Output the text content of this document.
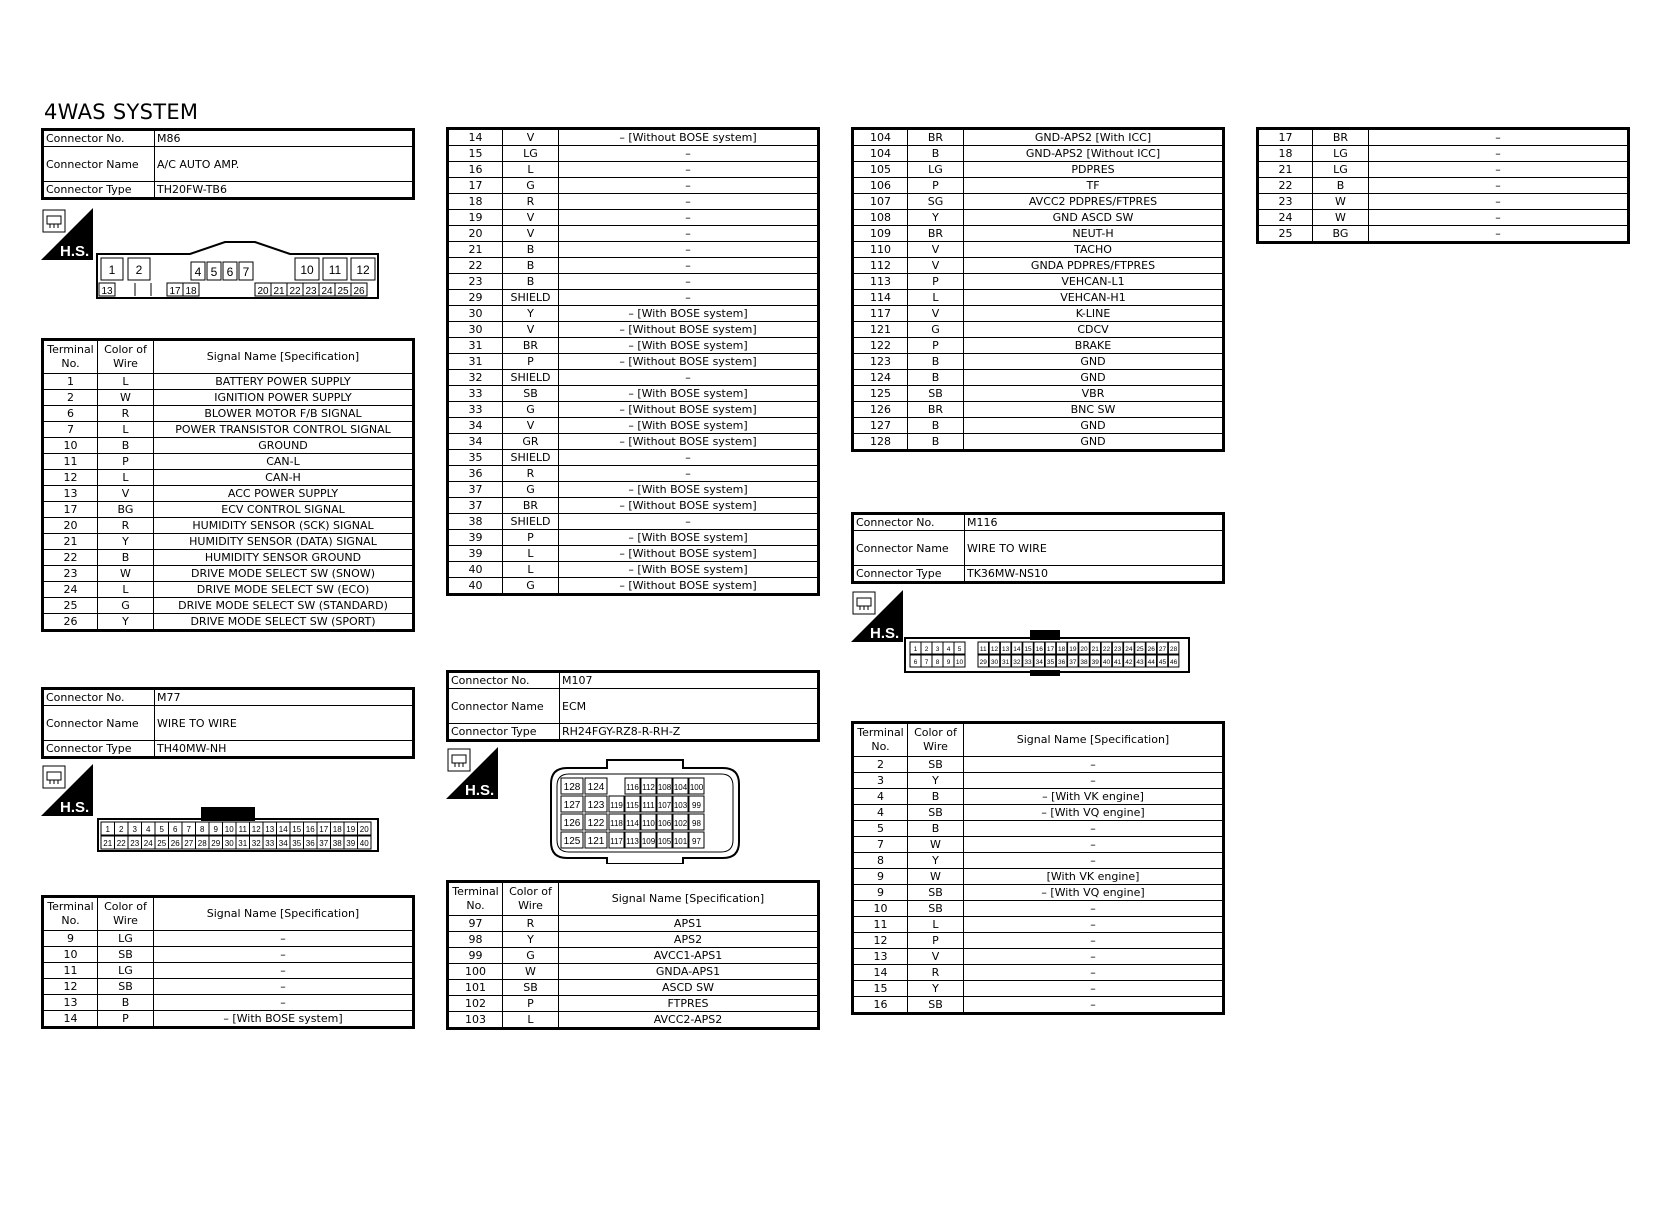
4WAS SYSTEM
Connector No.	M86
Connector Name	A/C AUTO AMP.
Connector Type	TH20FW-TB6
H.S.
1 2	4 5 6 7	10 11 12
13	17 18	20 21 22 23 24 25 26
Terminal No.	Color of Wire	Signal Name [Specification]
1	L	BATTERY POWER SUPPLY
2	W	IGNITION POWER SUPPLY
6	R	BLOWER MOTOR F/B SIGNAL
7	L	POWER TRANSISTOR CONTROL SIGNAL
10	B	GROUND
11	P	CAN-L
12	L	CAN-H
13	V	ACC POWER SUPPLY
17	BG	ECV CONTROL SIGNAL
20	R	HUMIDITY SENSOR (SCK) SIGNAL
21	Y	HUMIDITY SENSOR (DATA) SIGNAL
22	B	HUMIDITY SENSOR GROUND
23	W	DRIVE MODE SELECT SW (SNOW)
24	L	DRIVE MODE SELECT SW (ECO)
25	G	DRIVE MODE SELECT SW (STANDARD)
26	Y	DRIVE MODE SELECT SW (SPORT)
Connector No.	M77
Connector Name	WIRE TO WIRE
Connector Type	TH40MW-NH
H.S.
1 2 3 4 5 6 7 8 9 10 11 12 13 14 15 16 17 18 19 20
21 22 23 24 25 26 27 28 29 30 31 32 33 34 35 36 37 38 39 40
Terminal No.	Color of Wire	Signal Name [Specification]
9	LG	–
10	SB	–
11	LG	–
12	SB	–
13	B	–
14	P	– [With BOSE system]
14	V	– [Without BOSE system]
15	LG	–
16	L	–
17	G	–
18	R	–
19	V	–
20	V	–
21	B	–
22	B	–
23	B	–
29	SHIELD	–
30	Y	– [With BOSE system]
30	V	– [Without BOSE system]
31	BR	– [With BOSE system]
31	P	– [Without BOSE system]
32	SHIELD	–
33	SB	– [With BOSE system]
33	G	– [Without BOSE system]
34	V	– [With BOSE system]
34	GR	– [Without BOSE system]
35	SHIELD	–
36	R	–
37	G	– [With BOSE system]
37	BR	– [Without BOSE system]
38	SHIELD	–
39	P	– [With BOSE system]
39	L	– [Without BOSE system]
40	L	– [With BOSE system]
40	G	– [Without BOSE system]
Connector No.	M107
Connector Name	ECM
Connector Type	RH24FGY-RZ8-R-RH-Z
H.S.	128 124	116 112 108 104 100
127 123 119 115 111 107 103 99
126 122 118 114 110 106 102 98
125 121 117 113 109 105 101 97
Terminal No.	Color of Wire	Signal Name [Specification]
97	R	APS1
98	Y	APS2
99	G	AVCC1-APS1
100	W	GNDA-APS1
101	SB	ASCD SW
102	P	FTPRES
103	L	AVCC2-APS2
104	BR	GND-APS2 [With ICC]
104	B	GND-APS2 [Without ICC]
105	LG	PDPRES
106	P	TF
107	SG	AVCC2 PDPRES/FTPRES
108	Y	GND ASCD SW
109	BR	NEUT-H
110	V	TACHO
112	V	GNDA PDPRES/FTPRES
113	P	VEHCAN-L1
114	L	VEHCAN-H1
117	V	K-LINE
121	G	CDCV
122	P	BRAKE
123	B	GND
124	B	GND
125	SB	VBR
126	BR	BNC SW
127	B	GND
128	B	GND
Connector No.	M116
Connector Name	WIRE TO WIRE
Connector Type	TK36MW-NS10
H.S.
1 2 3 4 5	11 12 13 14 15 16 17 18 19 20 21 22 23 24 25 26 27 28
6 7 8 9 10	29 30 31 32 33 34 35 36 37 38 39 40 41 42 43 44 45 46
Terminal No.	Color of Wire	Signal Name [Specification]
2	SB	–
3	Y	–
4	B	– [With VK engine]
4	SB	– [With VQ engine]
5	B	–
7	W	–
8	Y	–
9	W	[With VK engine]
9	SB	– [With VQ engine]
10	SB	–
11	L	–
12	P	–
13	V	–
14	R	–
15	Y	–
16	SB	–
17	BR	–
18	LG	–
21	LG	–
22	B	–
23	W	–
24	W	–
25	BG	–
